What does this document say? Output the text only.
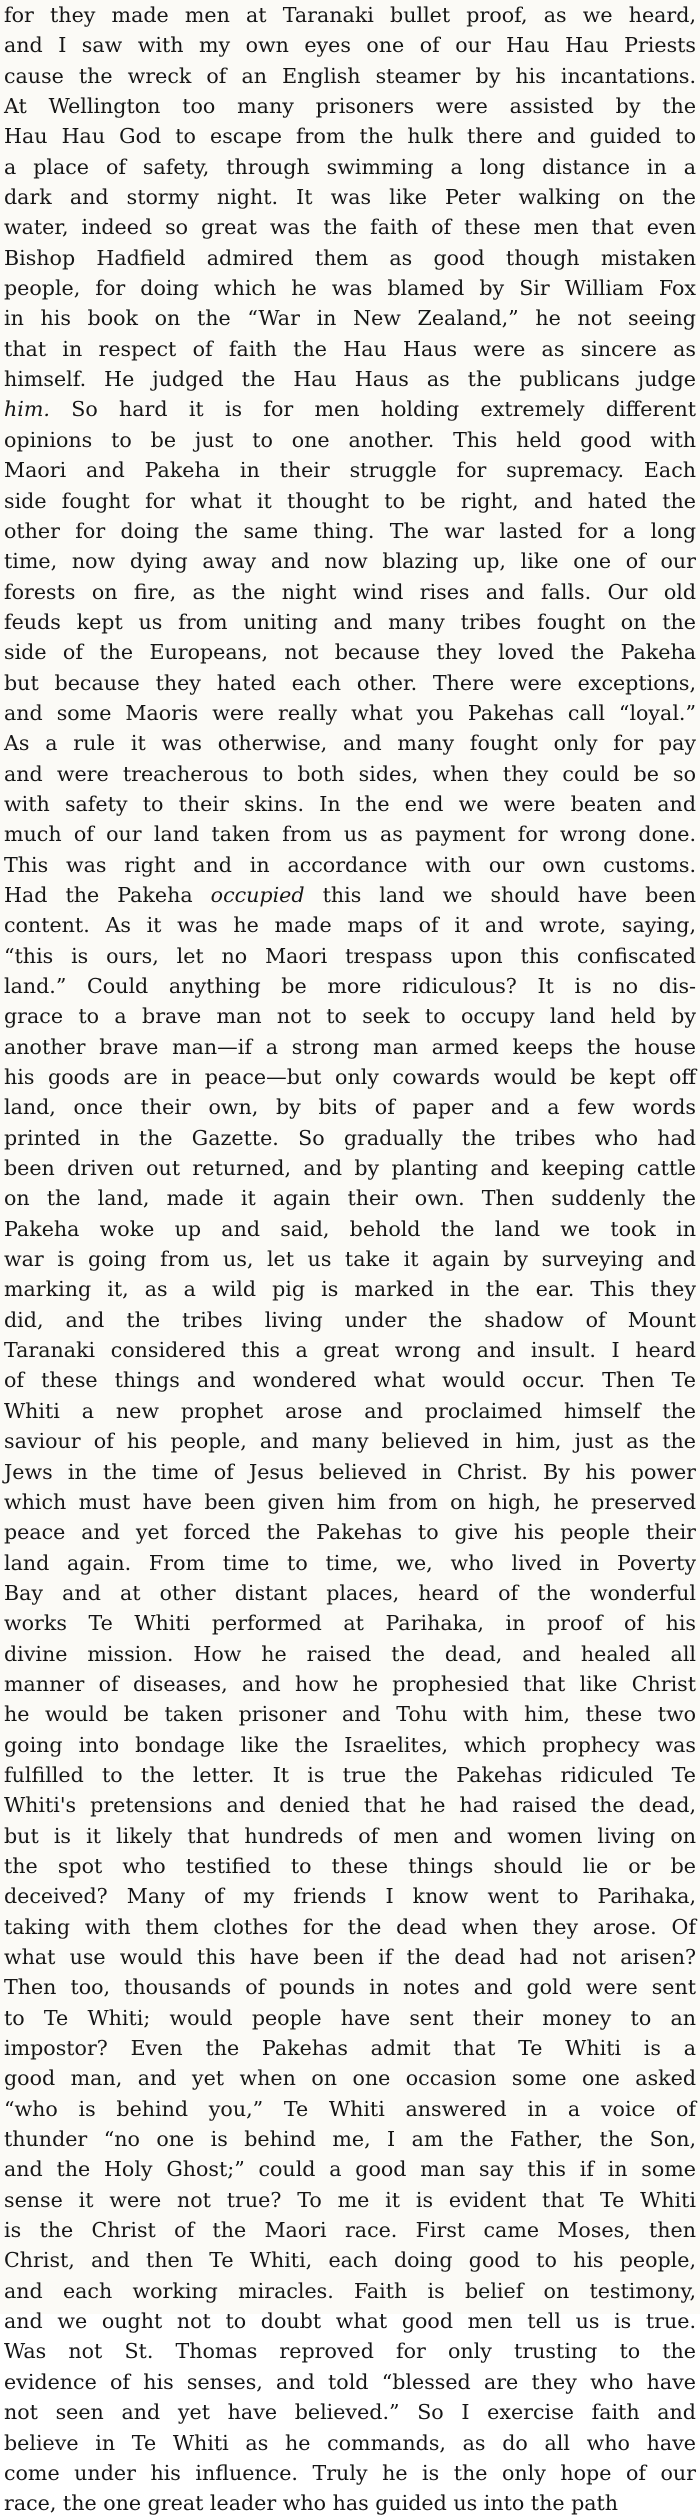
for they made men at Taranaki bullet proof, as we heard,
and I saw with my own eyes one of our Hau Hau Priests
cause the wreck of an English steamer by his incantations.
At Wellington too many prisoners were assisted by the
Hau Hau God to escape from the hulk there and guided to
a place of safety, through swimming a long distance in a
dark and stormy night. It was like Peter walking on the
water, indeed so great was the faith of these men that even
Bishop Hadfield admired them as good though mistaken
people, for doing which he was blamed by Sir William Fox
in his book on the “War in New Zealand,” he not seeing
that in respect of faith the Hau Haus were as sincere as
himself. He judged the Hau Haus as the publicans judge
him. So hard it is for men holding extremely different
opinions to be just to one another. This held good with
Maori and Pakeha in their struggle for supremacy. Each
side fought for what it thought to be right, and hated the
other for doing the same thing. The war lasted for a long
time, now dying away and now blazing up, like one of our
forests on fire, as the night wind rises and falls. Our old
feuds kept us from uniting and many tribes fought on the
side of the Europeans, not because they loved the Pakeha
but because they hated each other. There were exceptions,
and some Maoris were really what you Pakehas call “loyal.”
As a rule it was otherwise, and many fought only for pay
and were treacherous to both sides, when they could be so
with safety to their skins. In the end we were beaten and
much of our land taken from us as payment for wrong done.
This was right and in accordance with our own customs.
Had the Pakeha occupied this land we should have been
content. As it was he made maps of it and wrote, saying,
“this is ours, let no Maori trespass upon this confiscated
land.” Could anything be more ridiculous? It is no dis-
grace to a brave man not to seek to occupy land held by
another brave man—if a strong man armed keeps the house
his goods are in peace—but only cowards would be kept off
land, once their own, by bits of paper and a few words
printed in the Gazette. So gradually the tribes who had
been driven out returned, and by planting and keeping cattle
on the land, made it again their own. Then suddenly the
Pakeha woke up and said, behold the land we took in
war is going from us, let us take it again by surveying and
marking it, as a wild pig is marked in the ear. This they
did, and the tribes living under the shadow of Mount
Taranaki considered this a great wrong and insult. I heard
of these things and wondered what would occur. Then Te
Whiti a new prophet arose and proclaimed himself the
saviour of his people, and many believed in him, just as the
Jews in the time of Jesus believed in Christ. By his power
which must have been given him from on high, he preserved
peace and yet forced the Pakehas to give his people their
land again. From time to time, we, who lived in Poverty
Bay and at other distant places, heard of the wonderful
works Te Whiti performed at Parihaka, in proof of his
divine mission. How he raised the dead, and healed all
manner of diseases, and how he prophesied that like Christ
he would be taken prisoner and Tohu with him, these two
going into bondage like the Israelites, which prophecy was
fulfilled to the letter. It is true the Pakehas ridiculed Te
Whiti's pretensions and denied that he had raised the dead,
but is it likely that hundreds of men and women living on
the spot who testified to these things should lie or be
deceived? Many of my friends I know went to Parihaka,
taking with them clothes for the dead when they arose. Of
what use would this have been if the dead had not arisen?
Then too, thousands of pounds in notes and gold were sent
to Te Whiti; would people have sent their money to an
impostor? Even the Pakehas admit that Te Whiti is a
good man, and yet when on one occasion some one asked
“who is behind you,” Te Whiti answered in a voice of
thunder “no one is behind me, I am the Father, the Son,
and the Holy Ghost;” could a good man say this if in some
sense it were not true? To me it is evident that Te Whiti
is the Christ of the Maori race. First came Moses, then
Christ, and then Te Whiti, each doing good to his people,
and each working miracles. Faith is belief on testimony,
and we ought not to doubt what good men tell us is true.
Was not St. Thomas reproved for only trusting to the
evidence of his senses, and told “blessed are they who have
not seen and yet have believed.” So I exercise faith and
believe in Te Whiti as he commands, as do all who have
come under his influence. Truly he is the only hope of our
race, the one great leader who has guided us into the path
